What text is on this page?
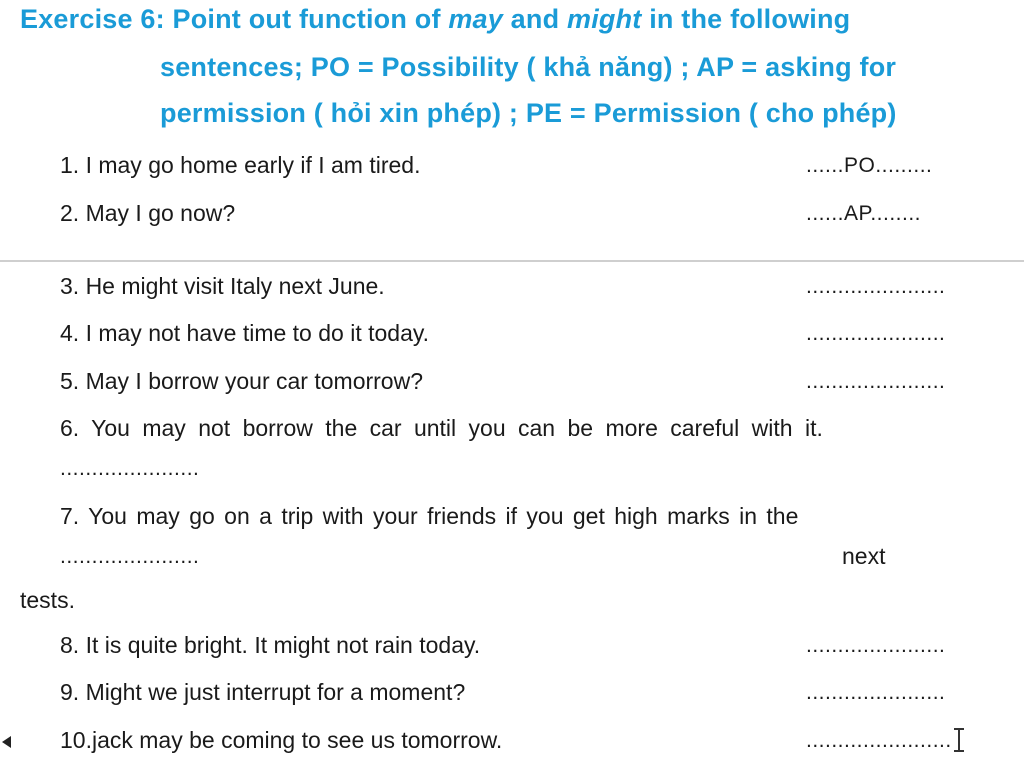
Exercise 6: Point out function of may and might in the following
sentences; PO = Possibility ( khả năng) ; AP = asking for
permission ( hỏi xin phép) ; PE = Permission ( cho phép)
1. I may go home early if I am tired.	......PO.........
2. May I go now?	......AP........
3. He might visit Italy next June.	......................
4. I may not have time to do it today.	......................
5. May I borrow your car tomorrow?	......................
6. You may not borrow the car until you can be more careful with it.
......................
7. You may go on a trip with your friends if you get high marks in the
......................	next
tests.
8. It is quite bright. It might not rain today.	......................
9. Might we just interrupt for a moment?	......................
10.jack may be coming to see us tomorrow.	.......................
